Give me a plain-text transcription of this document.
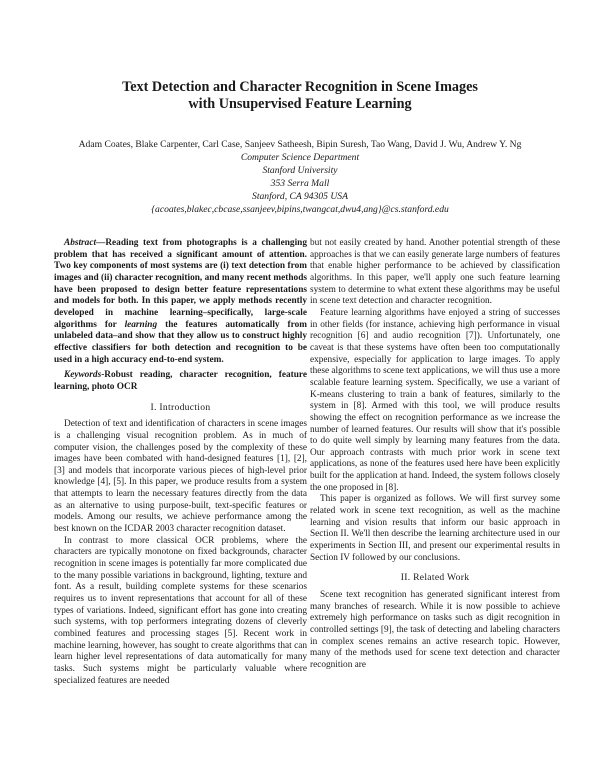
Text Detection and Character Recognition in Scene Images
with Unsupervised Feature Learning
Adam Coates, Blake Carpenter, Carl Case, Sanjeev Satheesh, Bipin Suresh, Tao Wang, David J. Wu, Andrew Y. Ng
Computer Science Department
Stanford University
353 Serra Mall
Stanford, CA 94305 USA
{acoates,blakec,cbcase,ssanjeev,bipins,twangcat,dwu4,ang}@cs.stanford.edu

Abstract—Reading text from photographs is a challenging problem that has received a significant amount of attention. Two key components of most systems are (i) text detection from images and (ii) character recognition, and many recent methods have been proposed to design better feature representations and models for both. In this paper, we apply methods recently developed in machine learning–specifically, large-scale algorithms for learning the features automatically from unlabeled data–and show that they allow us to construct highly effective classifiers for both detection and recognition to be used in a high accuracy end-to-end system.

Keywords-Robust reading, character recognition, feature learning, photo OCR

I. Introduction

Detection of text and identification of characters in scene images is a challenging visual recognition problem. As in much of computer vision, the challenges posed by the complexity of these images have been combated with hand-designed features [1], [2], [3] and models that incorporate various pieces of high-level prior knowledge [4], [5]. In this paper, we produce results from a system that attempts to learn the necessary features directly from the data as an alternative to using purpose-built, text-specific features or models. Among our results, we achieve performance among the best known on the ICDAR 2003 character recognition dataset.

In contrast to more classical OCR problems, where the characters are typically monotone on fixed backgrounds, character recognition in scene images is potentially far more complicated due to the many possible variations in background, lighting, texture and font. As a result, building complete systems for these scenarios requires us to invent representations that account for all of these types of variations. Indeed, significant effort has gone into creating such systems, with top performers integrating dozens of cleverly combined features and processing stages [5]. Recent work in machine learning, however, has sought to create algorithms that can learn higher level representations of data automatically for many tasks. Such systems might be particularly valuable where specialized features are needed

but not easily created by hand. Another potential strength of these approaches is that we can easily generate large numbers of features that enable higher performance to be achieved by classification algorithms. In this paper, we'll apply one such feature learning system to determine to what extent these algorithms may be useful in scene text detection and character recognition.

Feature learning algorithms have enjoyed a string of successes in other fields (for instance, achieving high performance in visual recognition [6] and audio recognition [7]). Unfortunately, one caveat is that these systems have often been too computationally expensive, especially for application to large images. To apply these algorithms to scene text applications, we will thus use a more scalable feature learning system. Specifically, we use a variant of K-means clustering to train a bank of features, similarly to the system in [8]. Armed with this tool, we will produce results showing the effect on recognition performance as we increase the number of learned features. Our results will show that it's possible to do quite well simply by learning many features from the data. Our approach contrasts with much prior work in scene text applications, as none of the features used here have been explicitly built for the application at hand. Indeed, the system follows closely the one proposed in [8].

This paper is organized as follows. We will first survey some related work in scene text recognition, as well as the machine learning and vision results that inform our basic approach in Section II. We'll then describe the learning architecture used in our experiments in Section III, and present our experimental results in Section IV followed by our conclusions.

II. Related Work

Scene text recognition has generated significant interest from many branches of research. While it is now possible to achieve extremely high performance on tasks such as digit recognition in controlled settings [9], the task of detecting and labeling characters in complex scenes remains an active research topic. However, many of the methods used for scene text detection and character recognition are
